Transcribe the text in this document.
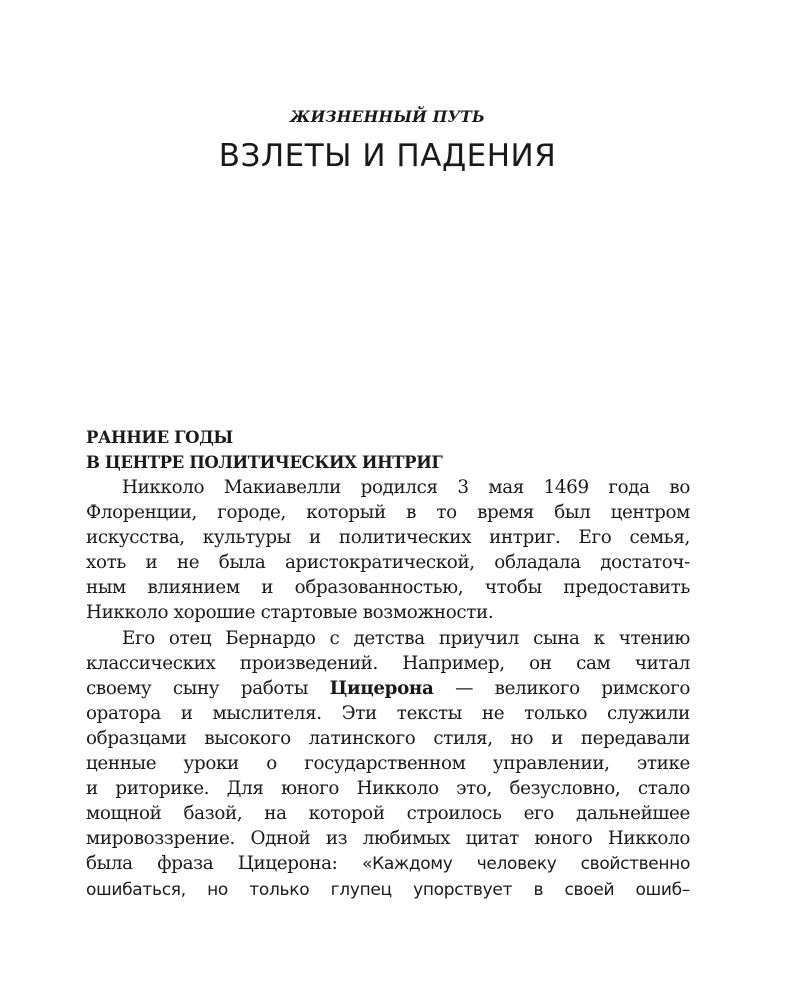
ЖИЗНЕННЫЙ ПУТЬ
ВЗЛЕТЫ И ПАДЕНИЯ
РАННИЕ ГОДЫ
В ЦЕНТРЕ ПОЛИТИЧЕСКИХ ИНТРИГ
Никколо Макиавелли родился 3 мая 1469 года во
Флоренции, городе, который в то время был центром
искусства, культуры и политических интриг. Его семья,
хоть и не была аристократической, обладала достаточ-
ным влиянием и образованностью, чтобы предоставить
Никколо хорошие стартовые возможности.
Его отец Бернардо с детства приучил сына к чтению
классических произведений. Например, он сам читал
своему сыну работы Цицерона — великого римского
оратора и мыслителя. Эти тексты не только служили
образцами высокого латинского стиля, но и передавали
ценные уроки о государственном управлении, этике
и риторике. Для юного Никколо это, безусловно, стало
мощной базой, на которой строилось его дальнейшее
мировоззрение. Одной из любимых цитат юного Никколо
была фраза Цицерона: «Каждому человеку свойственно
ошибаться, но только глупец упорствует в своей ошиб–
